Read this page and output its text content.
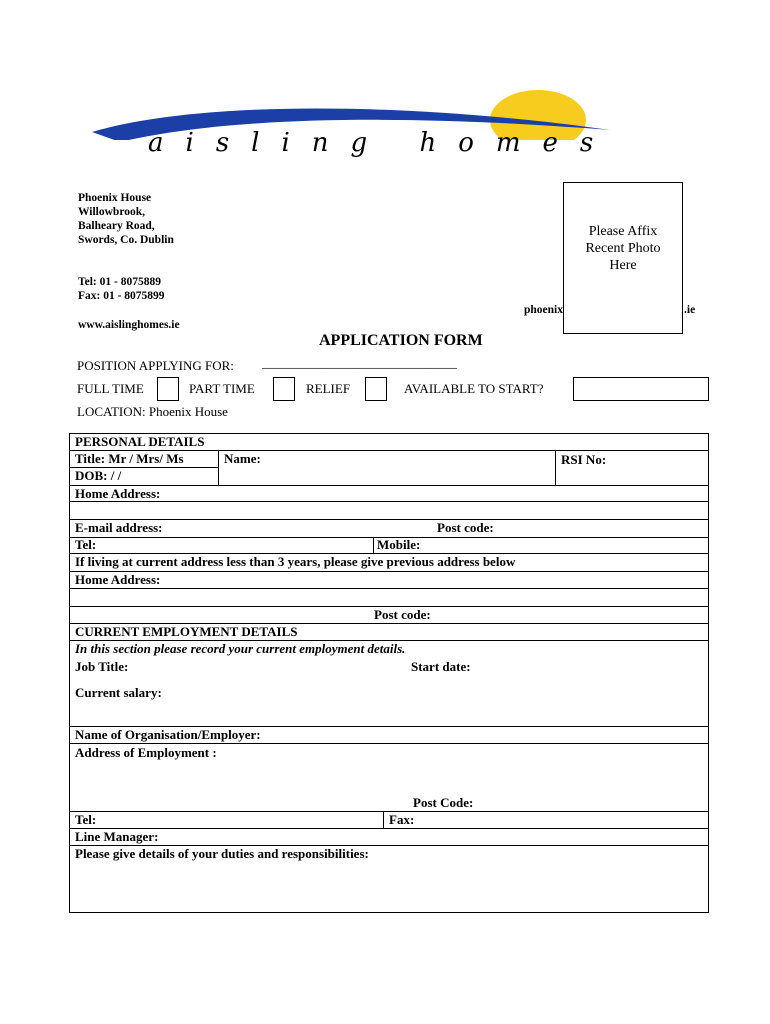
aisling homes
Phoenix House
Willowbrook,
Balheary Road,
Swords, Co. Dublin
Tel: 01 - 8075889
Fax: 01 - 8075899
www.aislinghomes.ie
phoenix	.ie
Please Affix
Recent Photo
Here
APPLICATION FORM
POSITION APPLYING FOR: ______________________________
FULL TIME	PART TIME	RELIEF	AVAILABLE TO START?
LOCATION: Phoenix House
PERSONAL DETAILS
Title: Mr / Mrs/ Ms	Name:	RSI No:
DOB: / /
Home Address:
E-mail address:	Post code:
Tel:	Mobile:
If living at current address less than 3 years, please give previous address below
Home Address:
Post code:
CURRENT EMPLOYMENT DETAILS
In this section please record your current employment details.
Job Title:	Start date:
Current salary:
Name of Organisation/Employer:
Address of Employment :
Post Code:
Tel:	Fax:
Line Manager:
Please give details of your duties and responsibilities:
